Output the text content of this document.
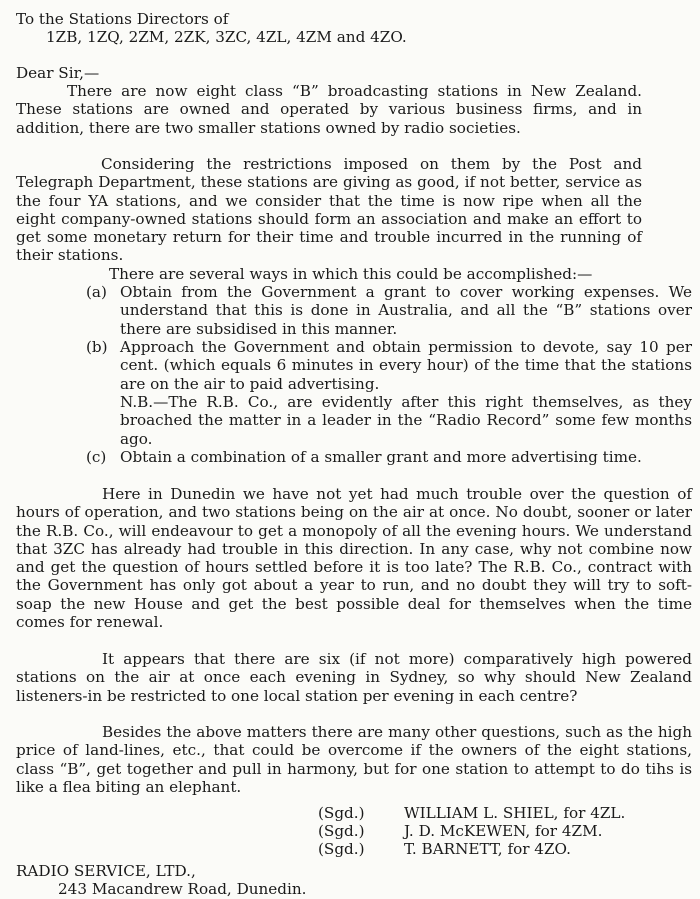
To the Stations Directors of

1ZB, 1ZQ, 2ZM, 2ZK, 3ZC, 4ZL, 4ZM and 4ZO.

Dear Sir,—

There are now eight class “B” broadcasting stations in New Zealand. These stations are owned and operated by various business firms, and in addition, there are two smaller stations owned by radio societies.

Considering the restrictions imposed on them by the Post and Telegraph Department, these stations are giving as good, if not better, service as the four YA stations, and we consider that the time is now ripe when all the eight company-owned stations should form an association and make an effort to get some monetary return for their time and trouble incurred in the running of their stations.

There are several ways in which this could be accomplished:—

(a) Obtain from the Government a grant to cover working expenses. We understand that this is done in Australia, and all the “B” stations over there are subsidised in this manner.

(b) Approach the Government and obtain permission to devote, say 10 per cent. (which equals 6 minutes in every hour) of the time that the stations are on the air to paid advertising.

N.B.—The R.B. Co., are evidently after this right themselves, as they broached the matter in a leader in the “Radio Record” some few months ago.

(c) Obtain a combination of a smaller grant and more advertising time.

Here in Dunedin we have not yet had much trouble over the question of hours of operation, and two stations being on the air at once. No doubt, sooner or later the R.B. Co., will endeavour to get a monopoly of all the evening hours. We understand that 3ZC has already had trouble in this direction. In any case, why not combine now and get the question of hours settled before it is too late? The R.B. Co., contract with the Government has only got about a year to run, and no doubt they will try to soft-soap the new House and get the best possible deal for themselves when the time comes for renewal.

It appears that there are six (if not more) comparatively high powered stations on the air at once each evening in Sydney, so why should New Zealand listeners-in be restricted to one local station per evening in each centre?

Besides the above matters there are many other questions, such as the high price of land-lines, etc., that could be overcome if the owners of the eight stations, class “B”, get together and pull in harmony, but for one station to attempt to do tihs is like a flea biting an elephant.

(Sgd.)	WILLIAM L. SHIEL, for 4ZL.
(Sgd.)	J. D. McKEWEN, for 4ZM.
(Sgd.)	T. BARNETT, for 4ZO.

RADIO SERVICE, LTD.,

243 Macandrew Road, Dunedin.
